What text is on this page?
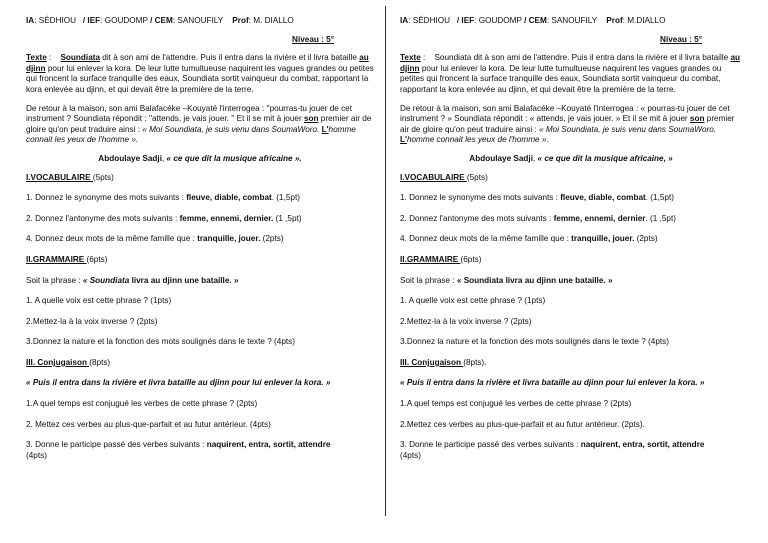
IA: SÉDHIOU / IEF: GOUDOMP / CEM: SANOUFILY Prof: M. DIALLO

Niveau : 5°

Texte : Soundiata dit à son ami de l'attendre. Puis il entra dans la rivière et il livra bataille au djinn pour lui enlever la kora. De leur lutte tumultueuse naquirent les vagues grandes ou petites qui froncent la surface tranquille des eaux, Soundiata sortit vainqueur du combat, rapportant la kora enlevée au djinn, et qui devait être la première de la terre.

De retour à la maison, son ami Balafacéke –Kouyaté l'interrogea : ''pourras-tu jouer de cet instrument ? Soundiata répondit : ''attends, je vais jouer. '' Et il se mit à jouer son premier air de gloire qu'on peut traduire ainsi : « Moi Soundiata, je suis venu dans SoumaWoro. L'homme connait les yeux de l'homme ».

Abdoulaye Sadji, « ce que dit la musique africaine ».

I.VOCABULAIRE (5pts)

1. Donnez le synonyme des mots suivants : fleuve, diable, combat. (1,5pt)

2. Donnez l'antonyme des mots suivants : femme, ennemi, dernier. (1 ,5pt)

4. Donnez deux mots de la même famille que : tranquille, jouer. (2pts)

II.GRAMMAIRE (6pts)

Soit la phrase : « Soundiata livra au djinn une bataille. »

1. A quelle voix est cette phrase ? (1pts)

2.Mettez-la à la voix inverse ? (2pts)

3.Donnez la nature et la fonction des mots soulignés dans le texte ? (4pts)

III. Conjugaison (8pts)

« Puis il entra dans la rivière et livra bataille au djinn pour lui enlever la kora. »

1.A quel temps est conjugué les verbes de cette phrase ? (2pts)

2. Mettez ces verbes au plus-que-parfait et au futur antérieur. (4pts)

3. Donne le participe passé des verbes suivants : naquirent, entra, sortit, attendre
(4pts)

IA: SÉDHIOU / IEF: GOUDOMP / CEM: SANOUFILY Prof: M.DIALLO

Niveau : 5°

Texte :    Soundiata dit à son ami de l'attendre. Puis il entra dans la rivière et il livra bataille au djinn pour lui enlever la kora. De leur lutte tumultueuse naquirent les vagues grandes ou petites qui froncent la surface tranquille des eaux, Soundiata sortit vainqueur du combat, rapportant la kora enlevée au djinn, et qui devait être la première de la terre.

De retour à la maison, son ami Balafacéke –Kouyaté l'interrogea : « pourras-tu jouer de cet instrument ? » Soundiata répondit : « attends, je vais jouer. » Et il se mit à jouer son premier air de gloire qu'on peut traduire ainsi : « Moi Soundiata, je suis venu dans SoumaWoro. L'homme connait les yeux de l'homme ».

Abdoulaye Sadji, « ce que dit la musique africaine, »

I.VOCABULAIRE (5pts)

1. Donnez le synonyme des mots suivants : fleuve, diable, combat. (1,5pt)

2. Donnez l'antonyme des mots suivants : femme, ennemi, dernier. (1 ,5pt)

4. Donnez deux mots de la même famille que : tranquille, jouer. (2pts)

II.GRAMMAIRE (6pts)

Soit la phrase : « Soundiata livra au djinn une bataille. »

1. A quelle voix est cette phrase ? (1pts)

2.Mettez-la à la voix inverse ? (2pts)

3.Donnez la nature et la fonction des mots soulignés dans le texte ? (4pts)

III. Conjugaison (8pts).

« Puis il entra dans la rivière et livra bataille au djinn pour lui enlever la kora. »

1.A quel temps est conjugué les verbes de cette phrase ? (2pts)

2.Mettez ces verbes au plus-que-parfait et au futur antérieur. (2pts).

3. Donne le participe passé des verbes suivants : naquirent, entra, sortit, attendre
(4pts)
